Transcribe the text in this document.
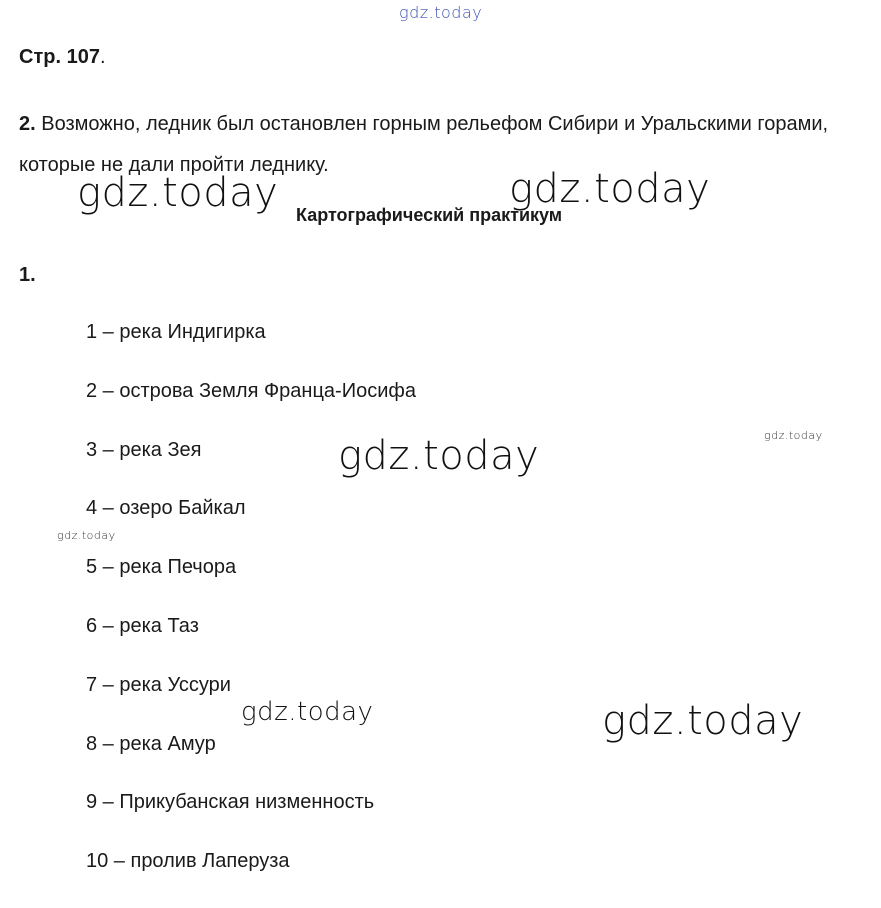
gdz.today
gdz.today	gdz.today
gdz.today	gdz.today
gdz.today
gdz.today	gdz.today
Стр. 107.
2. Возможно, ледник был остановлен горным рельефом Сибири и Уральскими горами, которые не дали пройти леднику.
Картографический практикум
1.
1 – река Индигирка
2 – острова Земля Франца-Иосифа
3 – река Зея
4 – озеро Байкал
5 – река Печора
6 – река Таз
7 – река Уссури
8 – река Амур
9 – Прикубанская низменность
10 – пролив Лаперуза
